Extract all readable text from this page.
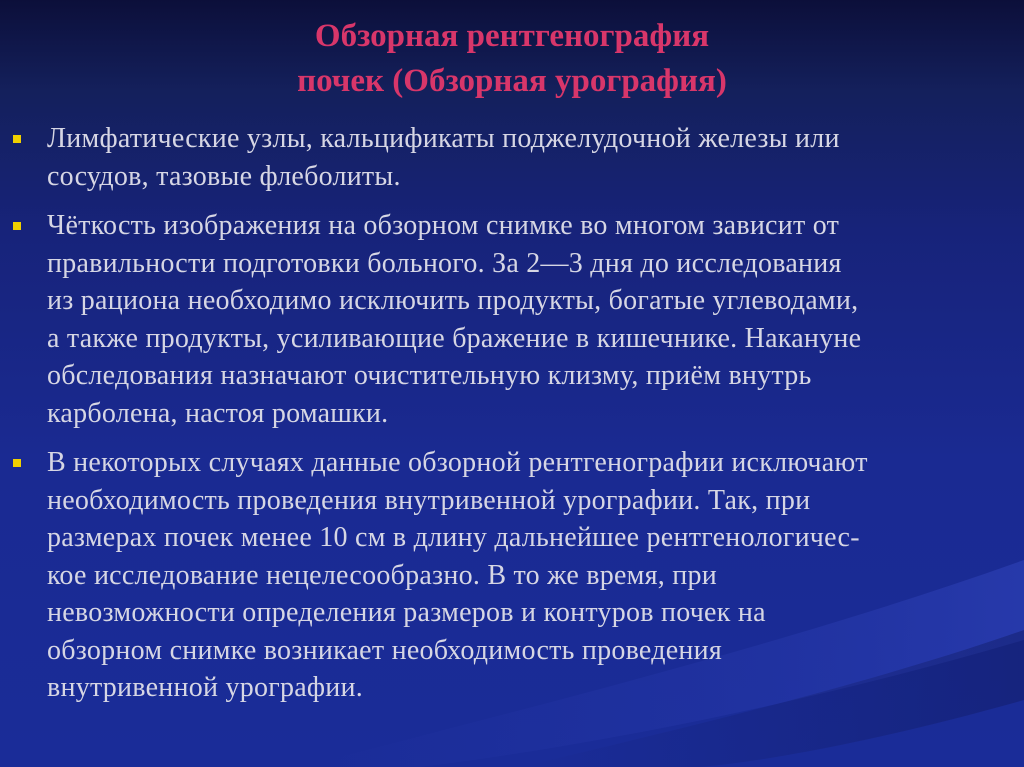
Обзорная рентгенография
почек (Обзорная урография)
Лимфатические узлы, кальцификаты поджелудочной железы или
сосудов, тазовые флеболиты.
Чёткость изображения на обзорном снимке во многом зависит от
правильности подготовки больного. За 2—3 дня до исследования
из рациона необходимо исключить продукты, богатые углеводами,
а также продукты, усиливающие бражение в кишечнике. Накануне
обследования назначают очистительную клизму, приём внутрь
карболена, настоя ромашки.
В некоторых случаях данные обзорной рентгенографии исключают
необходимость проведения внутривенной урографии. Так, при
размерах почек менее 10 см в длину дальнейшее рентгенологичес-
кое исследование нецелесообразно. В то же время, при
невозможности определения размеров и контуров почек на
обзорном снимке возникает необходимость проведения
внутривенной урографии.
